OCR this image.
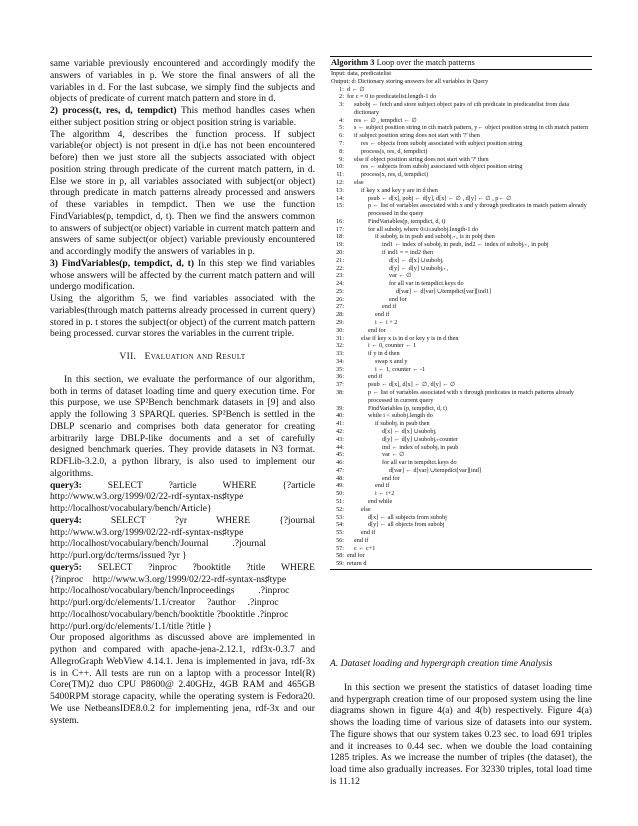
same variable previously encountered and accordingly modify the answers of variables in p. We store the final answers of all the variables in d. For the last subcase, we simply find the subjects and objects of predicate of current match pattern and store in d.

2) process(t, res, d, tempdict) This method handles cases when either subject position string or object position string is variable.

The algorithm 4, describes the function process. If subject variable(or object) is not present in d(i.e has not been encountered before) then we just store all the subjects associated with object position string through predicate of the current match pattern, in d. Else we store in p, all variables associated with subject(or object) through predicate in match patterns already processed and answers of these variables in tempdict. Then we use the function FindVariables(p, tempdict, d, t). Then we find the answers common to answers of subject(or object) variable in current match pattern and answers of same subject(or object) variable previously encountered and accordingly modify the answers of variables in p.

3) FindVariables(p, tempdict, d, t) In this step we find variables whose answers will be affected by the current match pattern and will undergo modification.

Using the algorithm 5, we find variables associated with the variables(through match patterns already processed in current query) stored in p. t stores the subject(or object) of the current match pattern being processed. curvar stores the variables in the current triple.

VII. Evaluation and Result

In this section, we evaluate the performance of our algorithm, both in terms of dataset loading time and query execution time. For this purpose, we use SP²Bench benchmark datasets in [9] and also apply the following 3 SPARQL queries. SP²Bench is settled in the DBLP scenario and comprises both data generator for creating arbitrarily large DBLP-like documents and a set of carefully designed benchmark queries. They provide datasets in N3 format. RDFLib-3.2.0, a python library, is also used to implement our algorithms.

query3:	SELECT	?article	WHERE	{?article
http://www.w3.org/1999/02/22-rdf-syntax-ns♯type
http://localhost/vocabulary/bench/Article}
query4:	SELECT	?yr	WHERE	{?journal
http://www.w3.org/1999/02/22-rdf-syntax-ns♯type
http://localhost/vocabulary/bench/Journal          .?journal
http://purl.org/dc/terms/issued ?yr }
query5: SELECT ?inproc ?booktitle ?title WHERE
{?inproc    http://www.w3.org/1999/02/22-rdf-syntax-ns♯type
http://localhost/vocabulary/bench/Inproceedings          .?inproc
http://purl.org/dc/elements/1.1/creator     ?author     .?inproc
http://localhost/vocabulary/bench/booktitle ?booktitle .?inproc
http://purl.org/dc/elements/1.1/title ?title }

Our proposed algorithms as discussed above are implemented in python and compared with apache-jena-2.12.1, rdf3x-0.3.7 and AllegroGraph WebView 4.14.1. Jena is implemented in java, rdf-3x is in C++. All tests are run on a laptop with a processor Intel(R) Core(TM)2 duo CPU P8600@ 2.40GHz, 4GB RAM and 465GB 5400RPM storage capacity, while the operating system is Fedora20. We use NetbeansIDE8.0.2 for implementing jena, rdf-3x and our system.

Algorithm 3 Loop over the match patterns
Input: data, predicatelist
Output: d: Dictionary storing answers for all variables in Query
1: d ← ∅
2: for c = 0 to predicatelist.length-1 do
3:	subobj ← fetch and store subject object pairs of cth predicate in predicatelist from data dictionary
4:	res ← ∅ , tempdict ← ∅
5:	s ← subject position string in cth match pattern, y← object position string in cth match pattern
6:	if subject position string does not start with '?' then
7:	res ← objects from subobj associated with subject position string
8:	process(s, res, d, tempdict)
9:	else if object position string does not start with '?' then
10:	res ← subjects from subobj associated with object position string
11:	process(x, res, d, tempdict)
12:	else
13:	if key x and key y are in d then
14:	psub ← d[x], pobj ← d[y], d[x] ← ∅ , d[y] ← ∅ , p← ∅
15:	p ← list of variables associated with x and y through predicates in match pattern already processed in the query
16:	FindVariables(p, tempdict, d, t)
17:	for all subobjᵢ where 0≤i≤subobj.length-1 do
18:	if subobjᵢ is in psub and subobjᵢ₊₁ is in pobj then
19:	ind1 ← index of subobjᵢ in psub, ind2 ← index of subobjᵢ₊₁ in pobj
20:	if ind1 = = ind2 then
21:	d[x] ← d[x] ∪subobjᵢ
22:	d[y] ← d[y] ∪subobjᵢ₊₁
23:	var ← ∅
24:	for all var in tempdict.keys do
25:	d[var] ← d[var] ∪tempdict[var][ind1]
26:	end for
27:	end if
28:	end if
29:	i ← i + 2
30:	end for
31:	else if key x is in d or key y is in d then
32:	i ← 0, counter ← 1
33:	if y in d then
34:	swap x and y
35:	i ← 1, counter ← -1
36:	end if
37:	psub ← d[x], d[x] ← ∅, d[y] ← ∅
38:	p ← list of variables associated with x through predicates in match patterns already processed in current query
39:	FindVariables (p, tempdict, d, t)
40:	while i < subobj.length do
41:	if subobjᵢ in psub then
42:	d[x] ← d[x] ∪subobjᵢ
43:	d[y] ← d[y] ∪subobjᵢ₊counter
44:	ind ← index of subobjᵢ in psub
45:	var ← ∅
46:	for all var in tempdict.keys do
47:	d[var] ← d[var] ∪tempdict[var][ind]
48:	end for
49:	end if
50:	i ← i+2
51:	end while
52:	else
53:	d[x] ← all subjects from subobj
54:	d[y] ← all objects from subobj
55:	end if
56:	end if
57:	c ← c+1
58: end for
59: return d

A. Dataset loading and hypergraph creation time Analysis

In this section we present the statistics of dataset loading time and hypergraph creation time of our proposed system using the line diagrams shown in figure 4(a) and 4(b) respectively. Figure 4(a) shows the loading time of various size of datasets into our system. The figure shows that our system takes 0.23 sec. to load 691 triples and it increases to 0.44 sec. when we double the load containing 1285 triples. As we increase the number of triples (the dataset), the load time also gradually increases. For 32330 triples, total load time is 11.12
